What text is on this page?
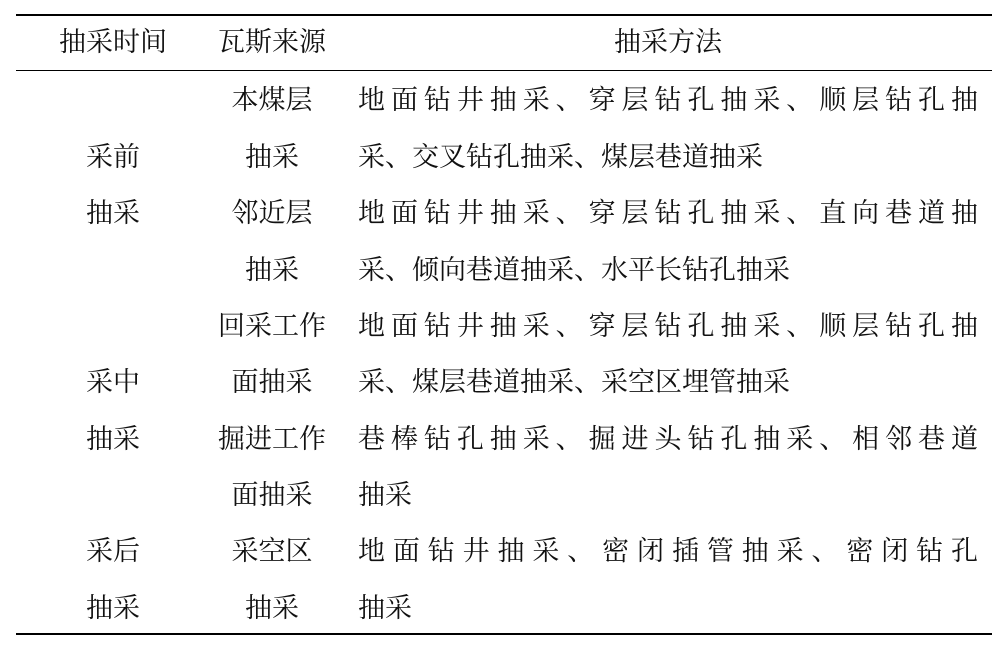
抽采时间	瓦斯来源	抽采方法
采前
抽采
本煤层
抽采
地面钻井抽采、穿层钻孔抽采、顺层钻孔抽
采、交叉钻孔抽采、煤层巷道抽采
邻近层
抽采
地面钻井抽采、穿层钻孔抽采、直向巷道抽
采、倾向巷道抽采、水平长钻孔抽采
采中
抽采
回采工作
面抽采
地面钻井抽采、穿层钻孔抽采、顺层钻孔抽
采、煤层巷道抽采、采空区埋管抽采
掘进工作
面抽采
巷棒钻孔抽采、掘进头钻孔抽采、相邻巷道
抽采
采后
抽采
采空区
抽采
地面钻井抽采、密闭插管抽采、密闭钻孔
抽采
